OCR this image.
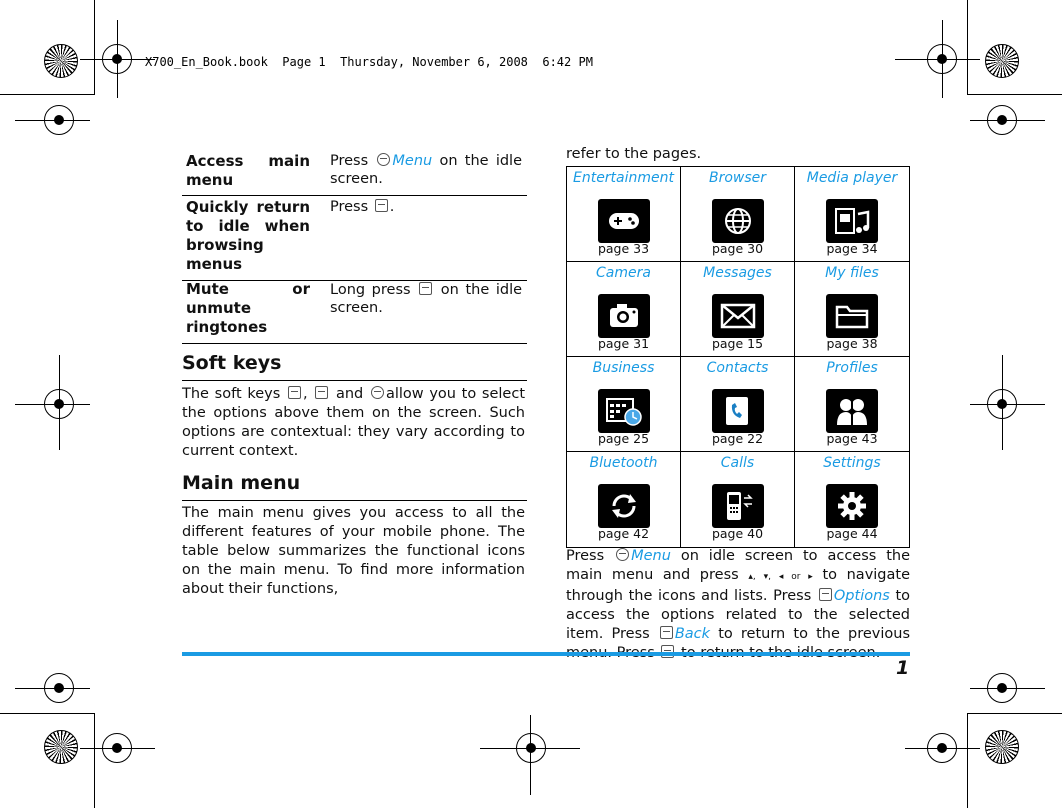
X700_En_Book.book  Page 1  Thursday, November 6, 2008  6:42 PM
Access main
menu
Press Menu on the idle screen.
Quickly return to idle when browsing menus
Press .
Mute or unmute ringtones
Long press on the idle screen.
Soft keys
The soft keys ,  and allow you to select the options above them on the screen. Such options are contextual: they vary according to current context.
Main menu
The main menu gives you access to all the different features of your mobile phone. The table below summarizes the functional icons on the main menu. To find more information about their functions,
refer to the pages.
Entertainment
page 33
Browser
page 30
Media player
page 34
Camera
page 31
Messages
page 15
My files
page 38
Business
page 25
Contacts
page 22
Profiles
page 43
Bluetooth
page 42
Calls
page 40
Settings
page 44
Press Menu on idle screen to access the main menu and press ▴, ▾, ◂ or ▸ to navigate through the icons and lists. Press Options to access the options related to the selected item. Press Back to return to the previous
1
